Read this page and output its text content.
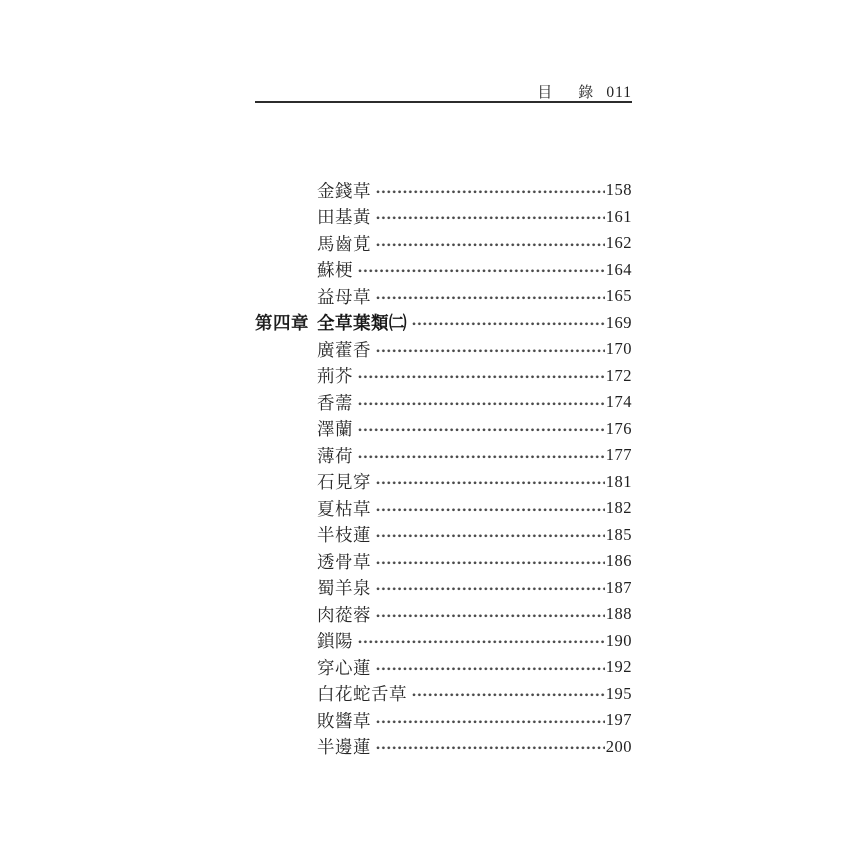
目 錄 011
金錢草	158
田基黃	161
馬齒莧	162
蘇梗	164
益母草	165
第四章 全草葉類㈡	169
廣藿香	170
荊芥	172
香薷	174
澤蘭	176
薄荷	177
石見穿	181
夏枯草	182
半枝蓮	185
透骨草	186
蜀羊泉	187
肉蓯蓉	188
鎖陽	190
穿心蓮	192
白花蛇舌草	195
敗醬草	197
半邊蓮	200
